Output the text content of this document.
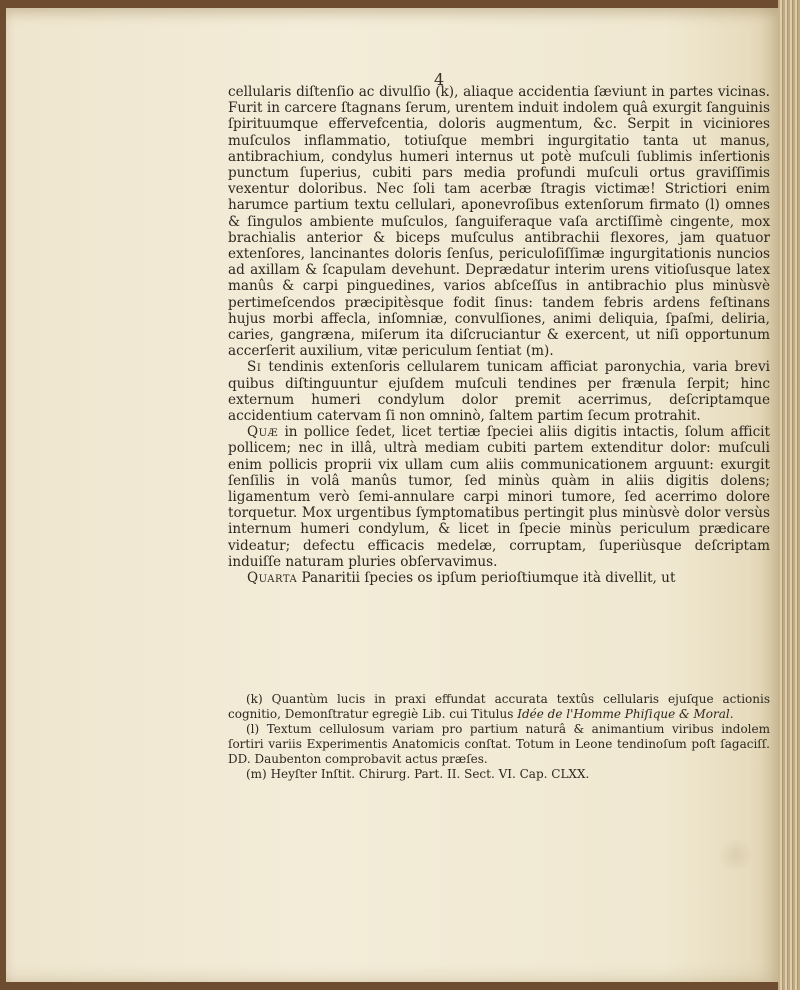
4

cellularis diſtenſio ac divulſio (k), aliaque accidentia ſæviunt in partes vicinas. Furit in carcere ſtagnans ſerum, urentem induit indolem quâ exurgit ſanguinis ſpirituumque effervefcentia, doloris augmentum, &c. Serpit in viciniores muſculos inflammatio, totiuſque membri ingurgitatio tanta ut manus, antibrachium, condylus humeri internus ut potè muſculi ſublimis inſertionis punctum ſuperius, cubiti pars media profundi muſculi ortus graviſſimis vexentur doloribus. Nec ſoli tam acerbæ ſtragis victimæ! Strictiori enim harumce partium textu cellulari, aponevroſibus extenſorum firmato (l) omnes & ſingulos ambiente muſculos, ſanguiferaque vaſa arctiſſimè cingente, mox brachialis anterior & biceps muſculus antibrachii flexores, jam quatuor extenſores, lancinantes doloris ſenſus, periculoſiſſimæ ingurgitationis nuncios ad axillam & ſcapulam devehunt. Deprædatur interim urens vitioſusque latex manûs & carpi pinguedines, varios abſceſſus in antibrachio plus minùsvè pertimeſcendos præcipitèsque fodit ſinus: tandem febris ardens feſtinans hujus morbi affecla, inſomniæ, convulſiones, animi deliquia, ſpaſmi, deliria, caries, gangræna, miſerum ita diſcruciantur & exercent, ut niſi opportunum accerſerit auxilium, vitæ periculum ſentiat (m).

Si tendinis extenſoris cellularem tunicam afficiat paronychia, varia brevi quibus diſtinguuntur ejuſdem muſculi tendines per frænula ſerpit; hinc externum humeri condylum dolor premit acerrimus, deſcriptamque accidentium catervam ſi non omninò, ſaltem partim ſecum protrahit.

Quæ in pollice ſedet, licet tertiæ ſpeciei aliis digitis intactis, ſolum afficit pollicem; nec in illâ, ultrà mediam cubiti partem extenditur dolor: muſculi enim pollicis proprii vix ullam cum aliis communicationem arguunt: exurgit ſenſilis in volâ manûs tumor, ſed minùs quàm in aliis digitis dolens; ligamentum verò ſemi-annulare carpi minori tumore, ſed acerrimo dolore torquetur. Mox urgentibus ſymptomatibus pertingit plus minùsvè dolor versùs internum humeri condylum, & licet in ſpecie minùs periculum prædicare videatur; defectu efficacis medelæ, corruptam, ſuperiùsque deſcriptam induiſſe naturam pluries obſervavimus.

Quarta Panaritii ſpecies os ipſum perioſtiumque ità divellit, ut

(k) Quantùm lucis in praxi effundat accurata textûs cellularis ejuſque actionis cognitio, Demonſtratur egregiè Lib. cui Titulus Idée de l'Homme Phiſique & Moral.

(l) Textum cellulosum variam pro partium naturâ & animantium viribus indolem ſortiri variis Experimentis Anatomicis conſtat. Totum in Leone tendinoſum poſt ſagaciſſ. DD. Daubenton comprobavit actus præſes.

(m) Heyſter Inſtit. Chirurg. Part. II. Sect. VI. Cap. CLXX.
